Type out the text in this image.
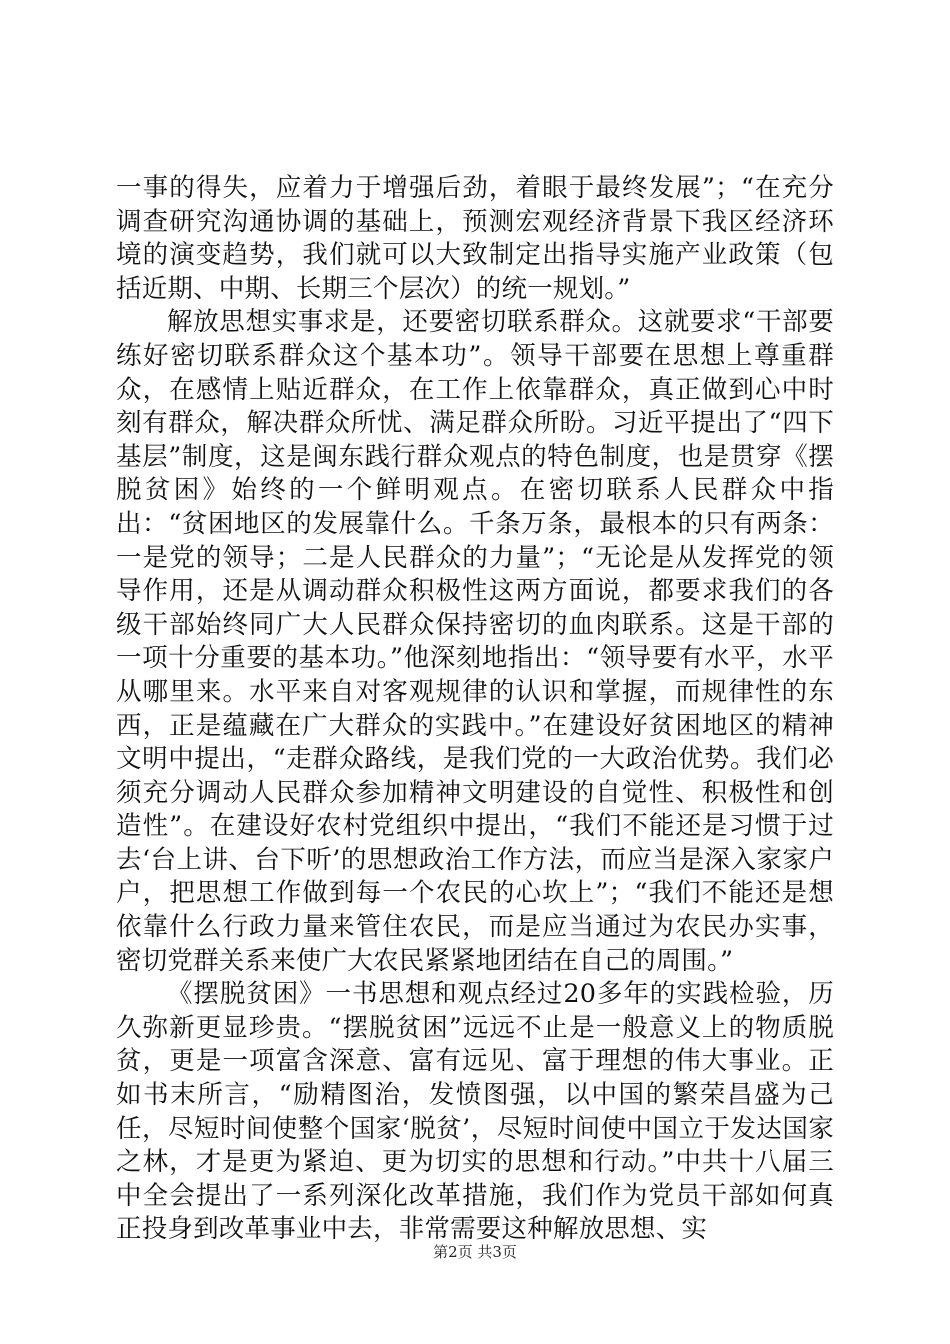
一事的得失，应着力于增强后劲，着眼于最终发展”；“在充分调查研究沟通协调的基础上，预测宏观经济背景下我区经济环境的演变趋势，我们就可以大致制定出指导实施产业政策（包括近期、中期、长期三个层次）的统一规划。”

解放思想实事求是，还要密切联系群众。这就要求“干部要练好密切联系群众这个基本功”。领导干部要在思想上尊重群众，在感情上贴近群众，在工作上依靠群众，真正做到心中时刻有群众，解决群众所忧、满足群众所盼。习近平提出了“四下基层”制度，这是闽东践行群众观点的特色制度，也是贯穿《摆脱贫困》始终的一个鲜明观点。在密切联系人民群众中指出：“贫困地区的发展靠什么。千条万条，最根本的只有两条：一是党的领导；二是人民群众的力量”；“无论是从发挥党的领导作用，还是从调动群众积极性这两方面说，都要求我们的各级干部始终同广大人民群众保持密切的血肉联系。这是干部的一项十分重要的基本功。”他深刻地指出：“领导要有水平，水平从哪里来。水平来自对客观规律的认识和掌握，而规律性的东西，正是蕴藏在广大群众的实践中。”在建设好贫困地区的精神文明中提出，“走群众路线，是我们党的一大政治优势。我们必须充分调动人民群众参加精神文明建设的自觉性、积极性和创造性”。在建设好农村党组织中提出，“我们不能还是习惯于过去‘台上讲、台下听’的思想政治工作方法，而应当是深入家家户户，把思想工作做到每一个农民的心坎上”；“我们不能还是想依靠什么行政力量来管住农民，而是应当通过为农民办实事，密切党群关系来使广大农民紧紧地团结在自己的周围。”

《摆脱贫困》一书思想和观点经过20多年的实践检验，历久弥新更显珍贵。“摆脱贫困”远远不止是一般意义上的物质脱贫，更是一项富含深意、富有远见、富于理想的伟大事业。正如书末所言，“励精图治，发愤图强，以中国的繁荣昌盛为己任，尽短时间使整个国家‘脱贫’，尽短时间使中国立于发达国家之林，才是更为紧迫、更为切实的思想和行动。”中共十八届三中全会提出了一系列深化改革措施，我们作为党员干部如何真正投身到改革事业中去，非常需要这种解放思想、实

第2页 共3页
